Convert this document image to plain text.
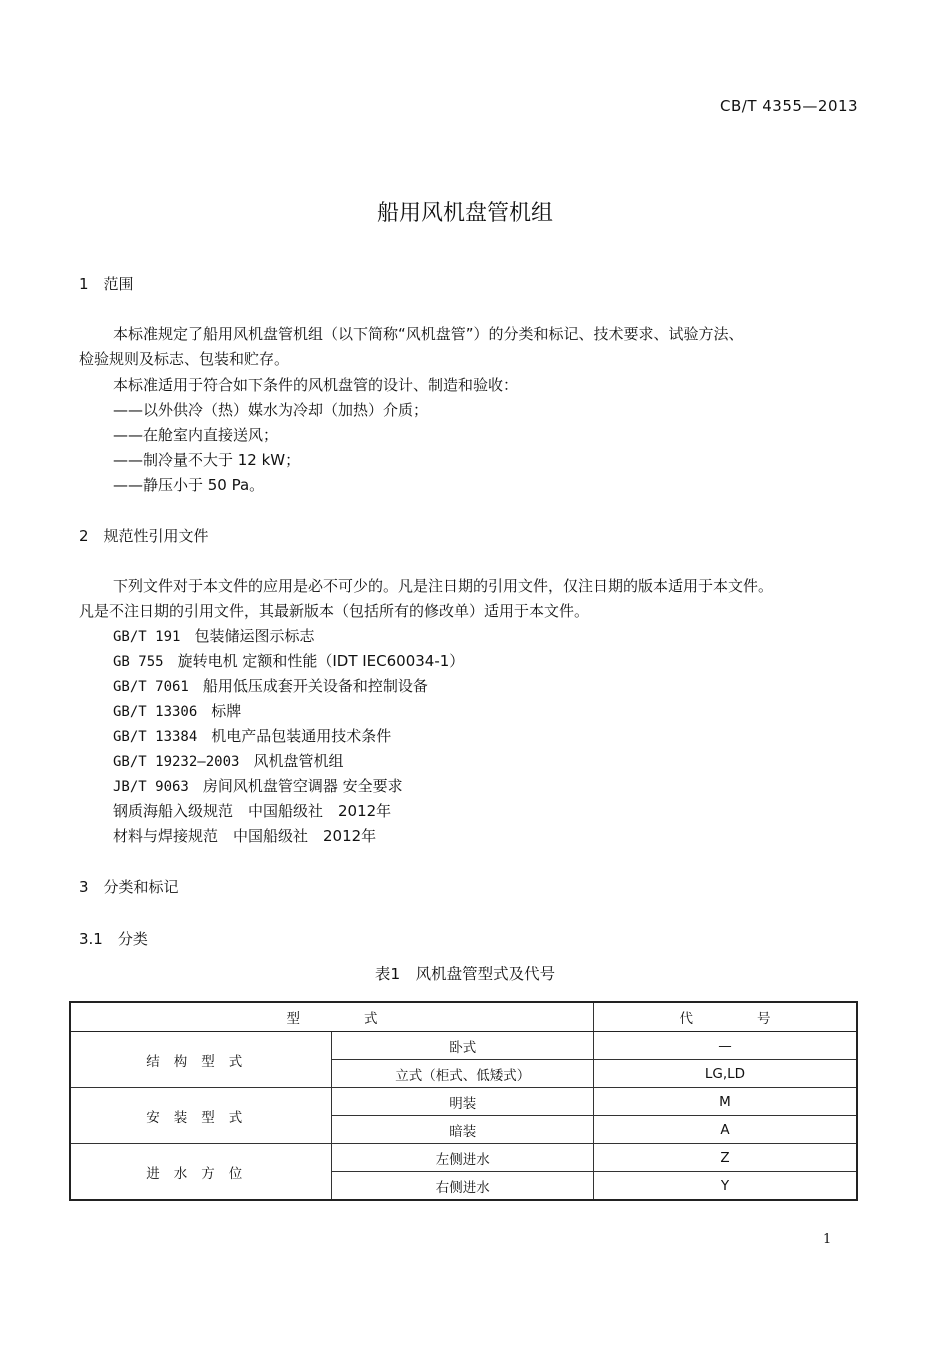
CB/T 4355—2013
船用风机盘管机组
1　范围
本标准规定了船用风机盘管机组（以下简称“风机盘管”）的分类和标记、技术要求、试验方法、
检验规则及标志、包装和贮存。
本标准适用于符合如下条件的风机盘管的设计、制造和验收：
——以外供冷（热）媒水为冷却（加热）介质；
——在舱室内直接送风；
——制冷量不大于 12 kW；
——静压小于 50 Pa。
2　规范性引用文件
下列文件对于本文件的应用是必不可少的。凡是注日期的引用文件，仅注日期的版本适用于本文件。
凡是不注日期的引用文件，其最新版本（包括所有的修改单）适用于本文件。
GB/T 191 包装储运图示标志
GB 755 旋转电机 定额和性能（IDT IEC60034-1）
GB/T 7061 船用低压成套开关设备和控制设备
GB/T 13306 标牌
GB/T 13384 机电产品包装通用技术条件
GB/T 19232—2003 风机盘管机组
JB/T 9063 房间风机盘管空调器 安全要求
钢质海船入级规范　中国船级社　2012年
材料与焊接规范　中国船级社　2012年
3　分类和标记
3.1　分类
表1　风机盘管型式及代号
型式		代号
结构型式	卧式	—
	立式（柜式、低矮式）	LG,LD
安装型式	明装	M
	暗装	A
进水方位	左侧进水	Z
	右侧进水	Y
1
